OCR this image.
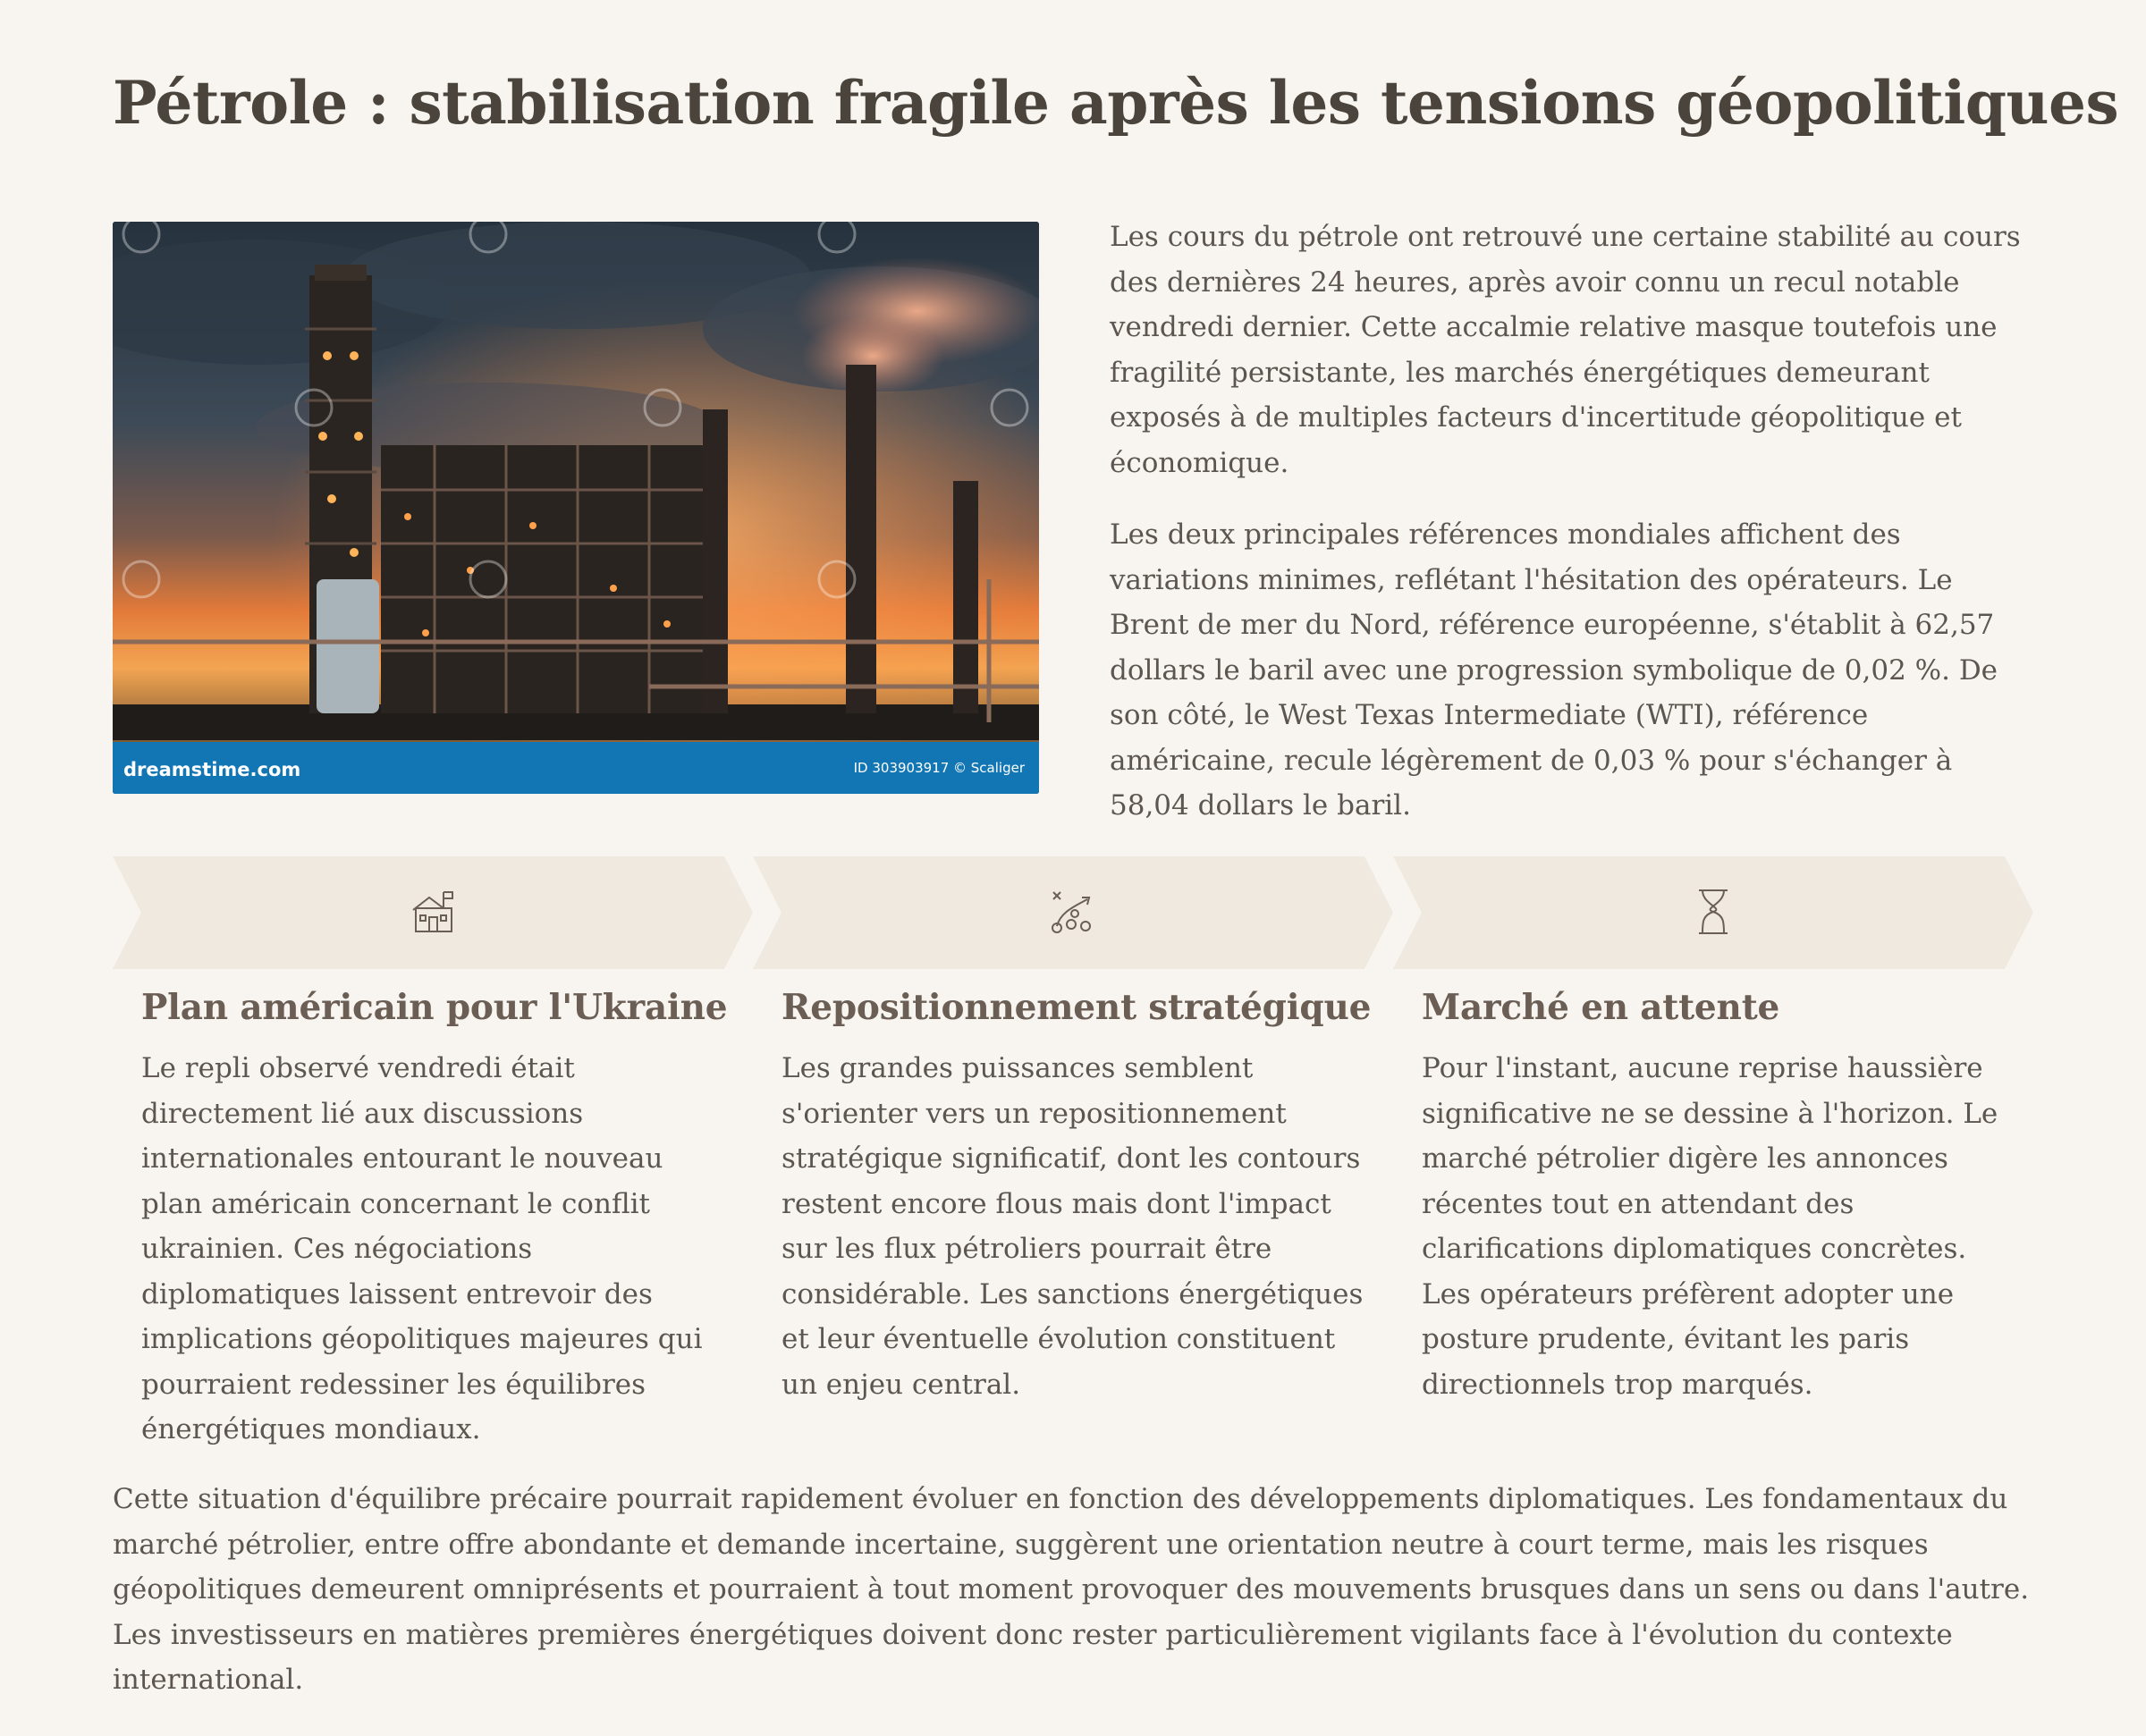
Pétrole : stabilisation fragile après les tensions géopolitiques
dreamstime.com	ID 303903917 © Scaliger

Les cours du pétrole ont retrouvé une certaine stabilité au cours des dernières 24 heures, après avoir connu un recul notable vendredi dernier. Cette accalmie relative masque toutefois une fragilité persistante, les marchés énergétiques demeurant exposés à de multiples facteurs d'incertitude géopolitique et économique.

Les deux principales références mondiales affichent des variations minimes, reflétant l'hésitation des opérateurs. Le Brent de mer du Nord, référence européenne, s'établit à 62,57 dollars le baril avec une progression symbolique de 0,02 %. De son côté, le West Texas Intermediate (WTI), référence américaine, recule légèrement de 0,03 % pour s'échanger à 58,04 dollars le baril.

Plan américain pour l'Ukraine

Le repli observé vendredi était directement lié aux discussions internationales entourant le nouveau plan américain concernant le conflit ukrainien. Ces négociations diplomatiques laissent entrevoir des implications géopolitiques majeures qui pourraient redessiner les équilibres énergétiques mondiaux.

Repositionnement stratégique

Les grandes puissances semblent s'orienter vers un repositionnement stratégique significatif, dont les contours restent encore flous mais dont l'impact sur les flux pétroliers pourrait être considérable. Les sanctions énergétiques et leur éventuelle évolution constituent un enjeu central.

Marché en attente

Pour l'instant, aucune reprise haussière significative ne se dessine à l'horizon. Le marché pétrolier digère les annonces récentes tout en attendant des clarifications diplomatiques concrètes. Les opérateurs préfèrent adopter une posture prudente, évitant les paris directionnels trop marqués.

Cette situation d'équilibre précaire pourrait rapidement évoluer en fonction des développements diplomatiques. Les fondamentaux du marché pétrolier, entre offre abondante et demande incertaine, suggèrent une orientation neutre à court terme, mais les risques géopolitiques demeurent omniprésents et pourraient à tout moment provoquer des mouvements brusques dans un sens ou dans l'autre. Les investisseurs en matières premières énergétiques doivent donc rester particulièrement vigilants face à l'évolution du contexte international.
